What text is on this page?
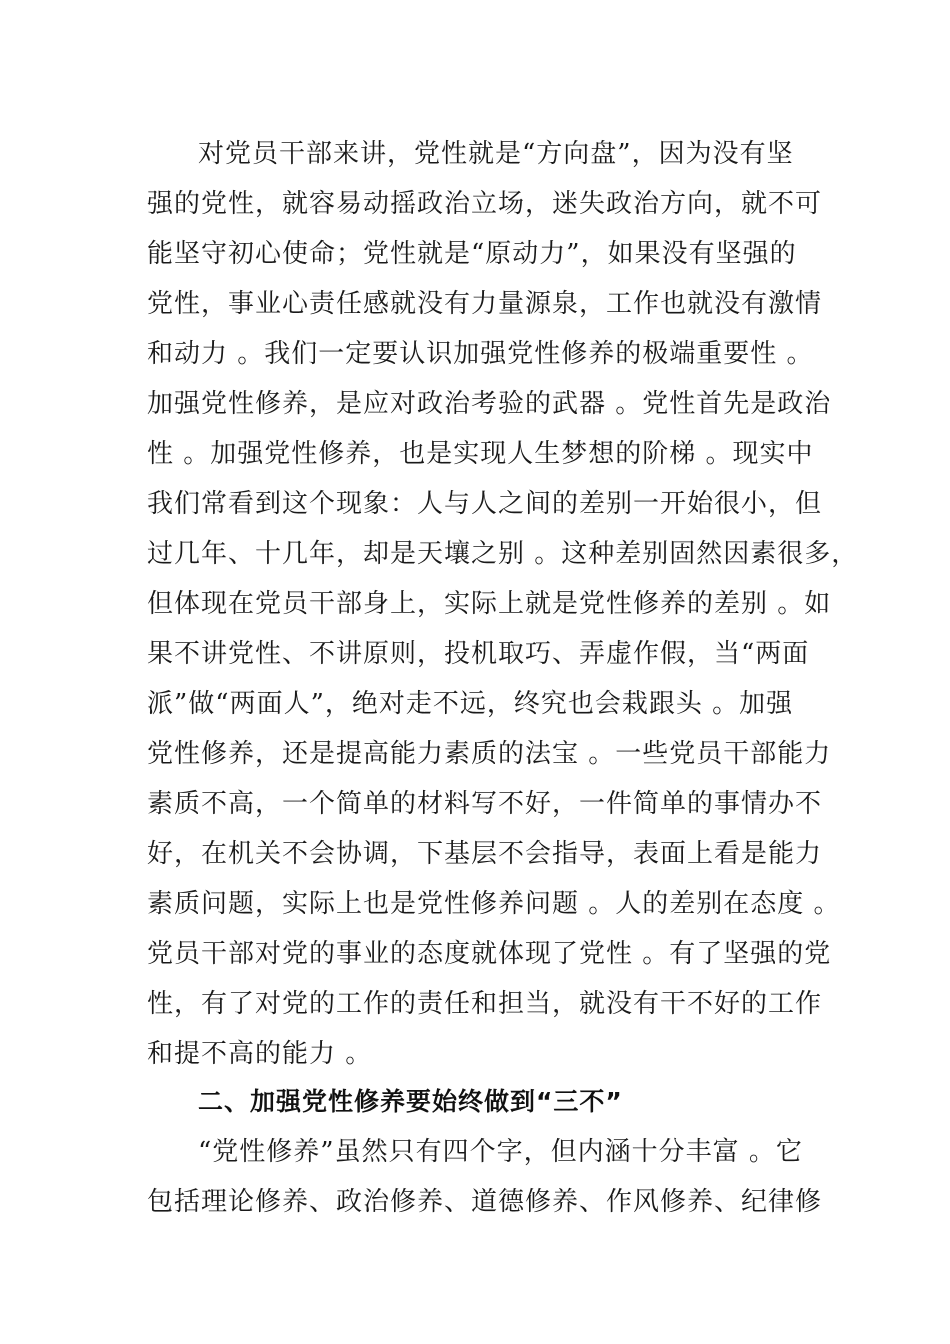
对党员干部来讲，党性就是“方向盘”，因为没有坚
强的党性，就容易动摇政治立场，迷失政治方向，就不可
能坚守初心使命；党性就是“原动力”，如果没有坚强的
党性，事业心责任感就没有力量源泉，工作也就没有激情
和动力 。我们一定要认识加强党性修养的极端重要性 。
加强党性修养，是应对政治考验的武器 。党性首先是政治
性 。加强党性修养，也是实现人生梦想的阶梯 。现实中
我们常看到这个现象：人与人之间的差别一开始很小，但
过几年、十几年，却是天壤之别 。这种差别固然因素很多，
但体现在党员干部身上，实际上就是党性修养的差别 。如
果不讲党性、不讲原则，投机取巧、弄虚作假，当“两面
派”做“两面人”，绝对走不远，终究也会栽跟头 。加强
党性修养，还是提高能力素质的法宝 。一些党员干部能力
素质不高，一个简单的材料写不好，一件简单的事情办不
好，在机关不会协调，下基层不会指导，表面上看是能力
素质问题，实际上也是党性修养问题 。人的差别在态度 。
党员干部对党的事业的态度就体现了党性 。有了坚强的党
性，有了对党的工作的责任和担当，就没有干不好的工作
和提不高的能力 。
二、加强党性修养要始终做到“三不”
“党性修养”虽然只有四个字，但内涵十分丰富 。它
包括理论修养、政治修养、道德修养、作风修养、纪律修
